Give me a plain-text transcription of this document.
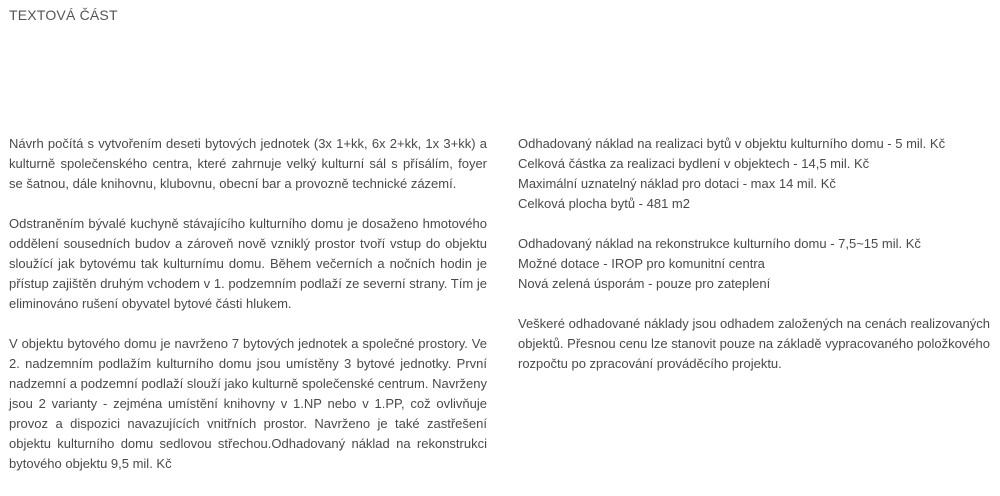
TEXTOVÁ ČÁST

Návrh počítá s vytvořením deseti bytových jednotek (3x 1+kk, 6x 2+kk, 1x 3+kk) a kulturně společenského centra, které zahrnuje velký kulturní sál s přísálím, foyer se šatnou, dále knihovnu, klubovnu, obecní bar a provozně technické zázemí.

Odstraněním bývalé kuchyně stávajícího kulturního domu je dosaženo hmotového oddělení sousedních budov a zároveň nově vzniklý prostor tvoří vstup do objektu sloužící jak bytovému tak kulturnímu domu. Během večerních a nočních hodin je přístup zajištěn druhým vchodem v 1. podzemním podlaží ze severní strany. Tím je eliminováno rušení obyvatel bytové části hlukem.

V objektu bytového domu je navrženo 7 bytových jednotek a společné prostory. Ve 2. nadzemním podlažím kulturního domu jsou umístěny 3 bytové jednotky. První nadzemní a podzemní podlaží slouží jako kulturně společenské centrum. Navrženy jsou 2 varianty - zejména umístění knihovny v 1.NP nebo v 1.PP, což ovlivňuje provoz a dispozici navazujících vnitřních prostor. Navrženo je také zastřešení objektu kulturního domu sedlovou střechou.Odhadovaný náklad na rekonstrukci bytového objektu 9,5 mil. Kč

Odhadovaný náklad na realizaci bytů v objektu kulturního domu - 5 mil. Kč
Celková částka za realizaci bydlení v objektech - 14,5 mil. Kč
Maximální uznatelný náklad pro dotaci - max 14 mil. Kč
Celková plocha bytů - 481 m2

Odhadovaný náklad na rekonstrukce kulturního domu - 7,5~15 mil. Kč
Možné dotace - IROP pro komunitní centra
Nová zelená úsporám - pouze pro zateplení

Veškeré odhadované náklady jsou odhadem založených na cenách realizovaných objektů. Přesnou cenu lze stanovit pouze na základě vypracovaného položkového rozpočtu po zpracování prováděcího projektu.
